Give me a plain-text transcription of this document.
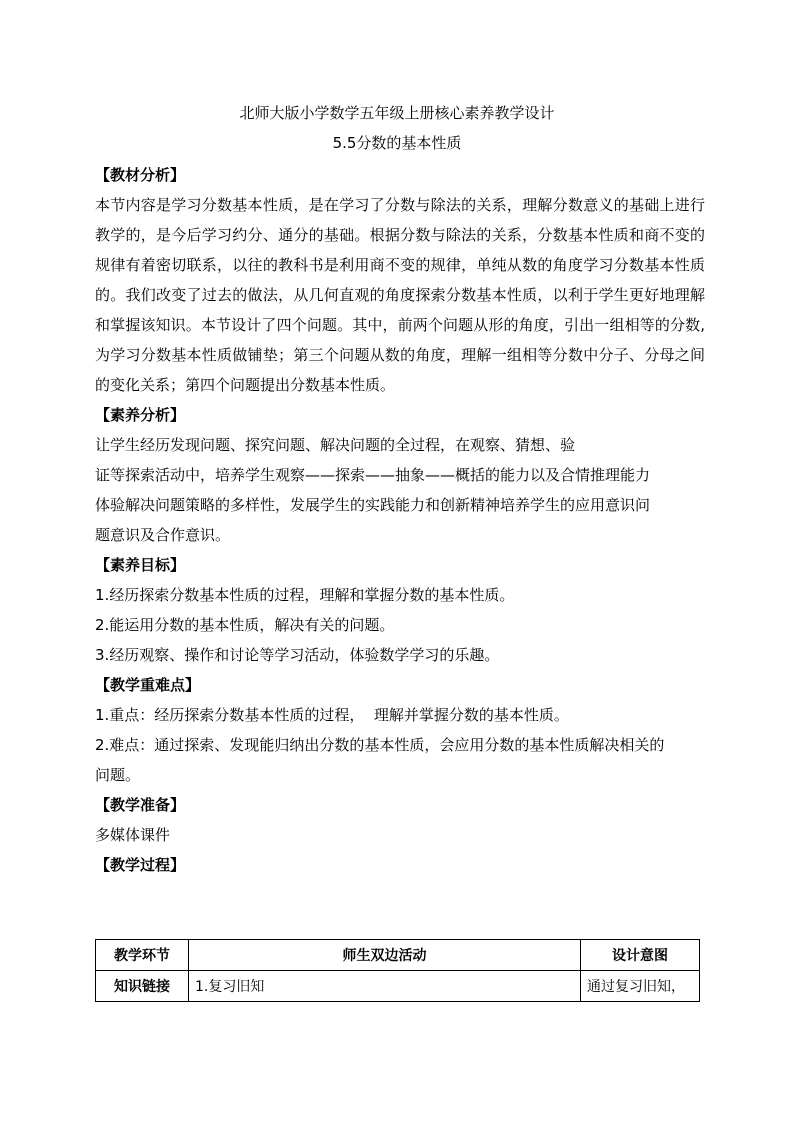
北师大版小学数学五年级上册核心素养教学设计
5.5分数的基本性质
【教材分析】
本节内容是学习分数基本性质，是在学习了分数与除法的关系，理解分数意义的基础上进行教学的，是今后学习约分、通分的基础。根据分数与除法的关系，分数基本性质和商不变的规律有着密切联系，以往的教科书是利用商不变的规律，单纯从数的角度学习分数基本性质的。我们改变了过去的做法，从几何直观的角度探索分数基本性质，以利于学生更好地理解和掌握该知识。本节设计了四个问题。其中，前两个问题从形的角度，引出一组相等的分数,为学习分数基本性质做铺垫；第三个问题从数的角度，理解一组相等分数中分子、分母之间的变化关系；第四个问题提出分数基本性质。
【素养分析】
让学生经历发现问题、探究问题、解决问题的全过程，在观察、猜想、验
证等探索活动中，培养学生观察——探索——抽象——概括的能力以及合情推理能力
体验解决问题策略的多样性，发展学生的实践能力和创新精神培养学生的应用意识问
题意识及合作意识。
【素养目标】
1.经历探索分数基本性质的过程，理解和掌握分数的基本性质。
2.能运用分数的基本性质，解决有关的问题。
3.经历观察、操作和讨论等学习活动，体验数学学习的乐趣。
【教学重难点】
1.重点：经历探索分数基本性质的过程，  理解并掌握分数的基本性质。
2.难点：通过探索、发现能归纳出分数的基本性质，会应用分数的基本性质解决相关的
问题。
【教学准备】
多媒体课件
【教学过程】
教学环节	师生双边活动	设计意图
知识链接	1.复习旧知	通过复习旧知，
